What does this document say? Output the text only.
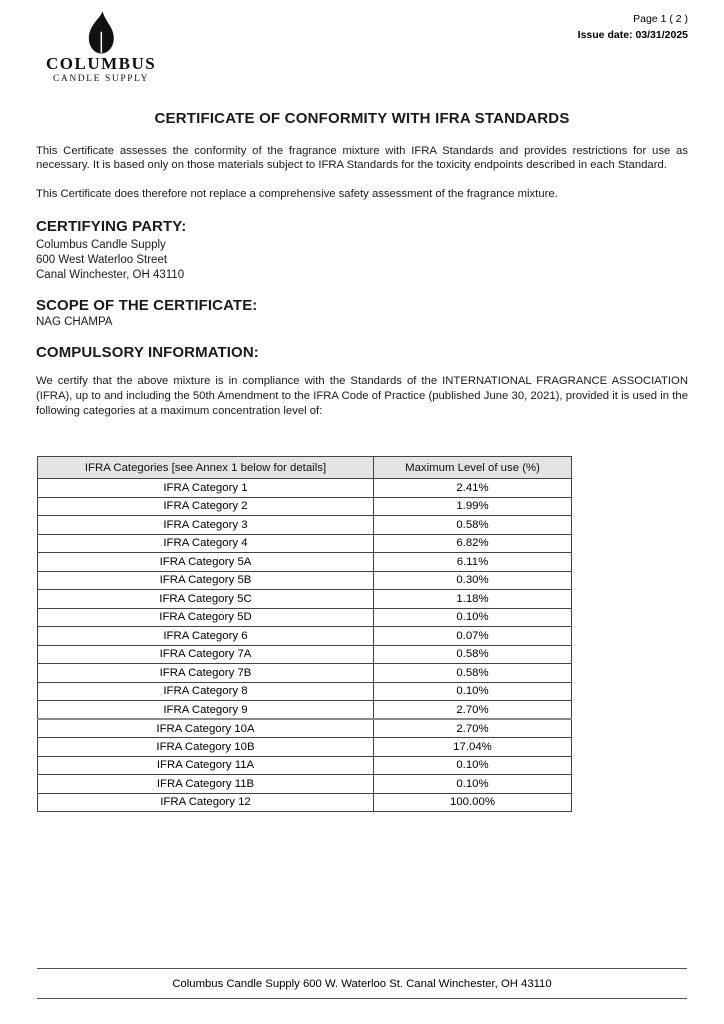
COLUMBUS
CANDLE SUPPLY
Page 1 ( 2 )
Issue date: 03/31/2025
CERTIFICATE OF CONFORMITY WITH IFRA STANDARDS
This Certificate assesses the conformity of the fragrance mixture with IFRA Standards and provides restrictions for use as necessary. It is based only on those materials subject to IFRA Standards for the toxicity endpoints described in each Standard.
This Certificate does therefore not replace a comprehensive safety assessment of the fragrance mixture.
CERTIFYING PARTY:
Columbus Candle Supply
600 West Waterloo Street
Canal Winchester, OH 43110
SCOPE OF THE CERTIFICATE:
NAG CHAMPA
COMPULSORY INFORMATION:
We certify that the above mixture is in compliance with the Standards of the INTERNATIONAL FRAGRANCE ASSOCIATION (IFRA), up to and including the 50th Amendment to the IFRA Code of Practice (published June 30, 2021), provided it is used in the following categories at a maximum concentration level of:
IFRA Categories [see Annex 1 below for details]	Maximum Level of use (%)
IFRA Category 1	2.41%
IFRA Category 2	1.99%
IFRA Category 3	0.58%
IFRA Category 4	6.82%
IFRA Category 5A	6.11%
IFRA Category 5B	0.30%
IFRA Category 5C	1.18%
IFRA Category 5D	0.10%
IFRA Category 6	0.07%
IFRA Category 7A	0.58%
IFRA Category 7B	0.58%
IFRA Category 8	0.10%
IFRA Category 9	2.70%
IFRA Category 10A	2.70%
IFRA Category 10B	17.04%
IFRA Category 11A	0.10%
IFRA Category 11B	0.10%
IFRA Category 12	100.00%
Columbus Candle Supply 600 W. Waterloo St. Canal Winchester, OH 43110
